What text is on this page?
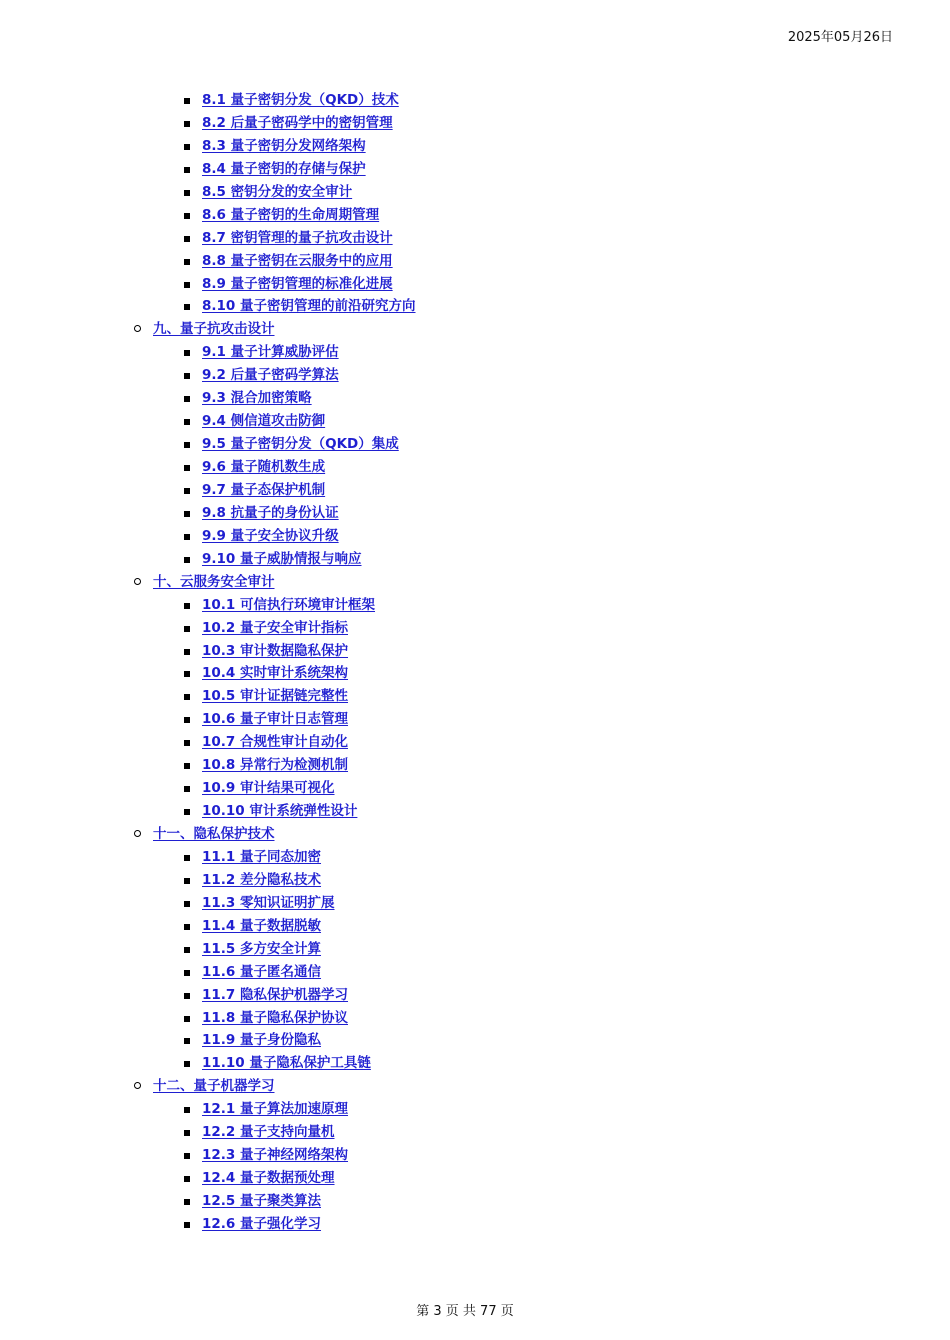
2025年05月26日
8.1 量子密钥分发（QKD）技术
8.2 后量子密码学中的密钥管理
8.3 量子密钥分发网络架构
8.4 量子密钥的存储与保护
8.5 密钥分发的安全审计
8.6 量子密钥的生命周期管理
8.7 密钥管理的量子抗攻击设计
8.8 量子密钥在云服务中的应用
8.9 量子密钥管理的标准化进展
8.10 量子密钥管理的前沿研究方向
九、量子抗攻击设计
9.1 量子计算威胁评估
9.2 后量子密码学算法
9.3 混合加密策略
9.4 侧信道攻击防御
9.5 量子密钥分发（QKD）集成
9.6 量子随机数生成
9.7 量子态保护机制
9.8 抗量子的身份认证
9.9 量子安全协议升级
9.10 量子威胁情报与响应
十、云服务安全审计
10.1 可信执行环境审计框架
10.2 量子安全审计指标
10.3 审计数据隐私保护
10.4 实时审计系统架构
10.5 审计证据链完整性
10.6 量子审计日志管理
10.7 合规性审计自动化
10.8 异常行为检测机制
10.9 审计结果可视化
10.10 审计系统弹性设计
十一、隐私保护技术
11.1 量子同态加密
11.2 差分隐私技术
11.3 零知识证明扩展
11.4 量子数据脱敏
11.5 多方安全计算
11.6 量子匿名通信
11.7 隐私保护机器学习
11.8 量子隐私保护协议
11.9 量子身份隐私
11.10 量子隐私保护工具链
十二、量子机器学习
12.1 量子算法加速原理
12.2 量子支持向量机
12.3 量子神经网络架构
12.4 量子数据预处理
12.5 量子聚类算法
12.6 量子强化学习
第 3 页 共 77 页
